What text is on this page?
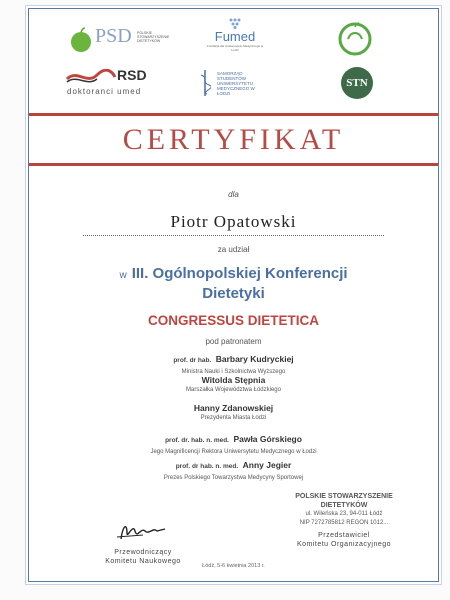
PSD POLSKIE STOWARZYSZENIE DIETETYKÓW	Fumed
Fundacja dla Uniwersytetu Medycznego w Łodzi
RSD
doktoranci umed
SAMORZĄD STUDENTÓW UNIWERSYTETU MEDYCZNEGO W ŁODZI
STN
CERTYFIKAT
dla
Piotr Opatowski
za udział
w III. Ogólnopolskiej Konferencji
Dietetyki
CONGRESSUS DIETETICA
pod patronatem
prof. dr hab. Barbary Kudryckiej
Ministra Nauki i Szkolnictwa Wyższego
Witolda Stępnia
Marszałka Województwa Łódzkiego
Hanny Zdanowskiej
Prezydenta Miasta Łodzi
prof. dr. hab. n. med. Pawła Górskiego
Jego Magnificencji Rektora Uniwersytetu Medycznego w Łodzi
prof. dr hab. n. med. Anny Jegier
Prezes Polskiego Towarzystwa Medycyny Sportowej
Przewodniczący
Komitetu Naukowego
POLSKIE STOWARZYSZENIE
DIETETYKÓW
ul. Wileńska 23, 94-011 Łódź
NIP 7272785812 REGON 1012...
Przedstawiciel
Komitetu Organizacyjnego
Łódź, 5-6 kwietnia 2013 r.
